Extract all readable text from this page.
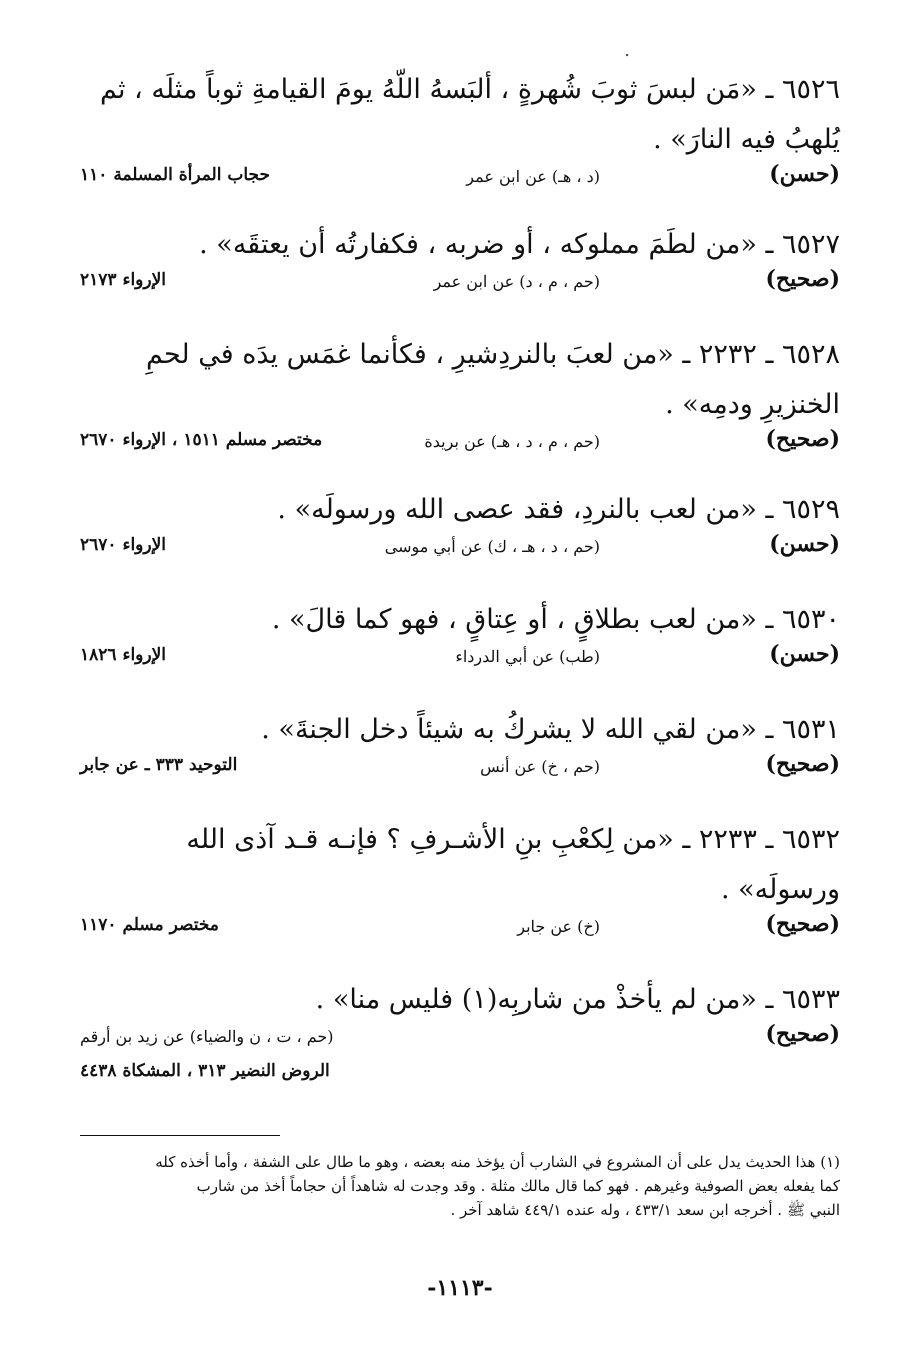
.
٦٥٢٦ ـ «مَن لبسَ ثوبَ شُهرةٍ ، ألبَسهُ اللّهُ يومَ القيامةِ ثوباً مثلَه ، ثم
يُلهبُ فيه النارَ» .
(حسن)
(د ، هـ) عن ابن عمر
حجاب المرأة المسلمة ١١٠
٦٥٢٧ ـ «من لطَمَ مملوكه ، أو ضربه ، فكفارتُه أن يعتقَه» .
(صحيح)
(حم ، م ، د) عن ابن عمر
الإرواء ٢١٧٣
٦٥٢٨ ـ ٢٢٣٢ ـ «من لعبَ بالنردِشيرِ ، فكأنما غمَس يدَه في لحمِ
الخنزيرِ ودمِه» .
(صحيح)
(حم ، م ، د ، هـ) عن بريدة
مختصر مسلم ١٥١١ ، الإرواء ٢٦٧٠
٦٥٢٩ ـ «من لعب بالنردِ، فقد عصى الله ورسولَه» .
(حسن)
(حم ، د ، هـ ، ك) عن أبي موسى
الإرواء ٢٦٧٠
٦٥٣٠ ـ «من لعب بطلاقٍ ، أو عِتاقٍ ، فهو كما قالَ» .
(حسن)
(طب) عن أبي الدرداء
الإرواء ١٨٢٦
٦٥٣١ ـ «من لقي الله لا يشركُ به شيئاً دخل الجنةَ» .
(صحيح)
(حم ، خ) عن أنس
التوحيد ٣٣٣ ـ عن جابر
٦٥٣٢ ـ ٢٢٣٣ ـ «من لِكعْبِ بنِ الأشـرفِ ؟ فإنـه قـد آذى الله
ورسولَه» .
(صحيح)
(خ) عن جابر
مختصر مسلم ١١٧٠
٦٥٣٣ ـ «من لم يأخذْ من شاربِه(١) فليس منا» .
(صحيح)
(حم ، ت ، ن والضياء) عن زيد بن أرقم
الروض النضير ٣١٣ ، المشكاة ٤٤٣٨
(١) هذا الحديث يدل على أن المشروع في الشارب أن يؤخذ منه بعضه ، وهو ما طال على الشفة ، وأما أخذه كله
كما يفعله بعض الصوفية وغيرهم . فهو كما قال مالك مثلة . وقد وجدت له شاهداً أن حجاماً أخذ من شارب
النبي ﷺ . أخرجه ابن سعد ٤٣٣/١ ، وله عنده ٤٤٩/١ شاهد آخر .
-١١١٣-
